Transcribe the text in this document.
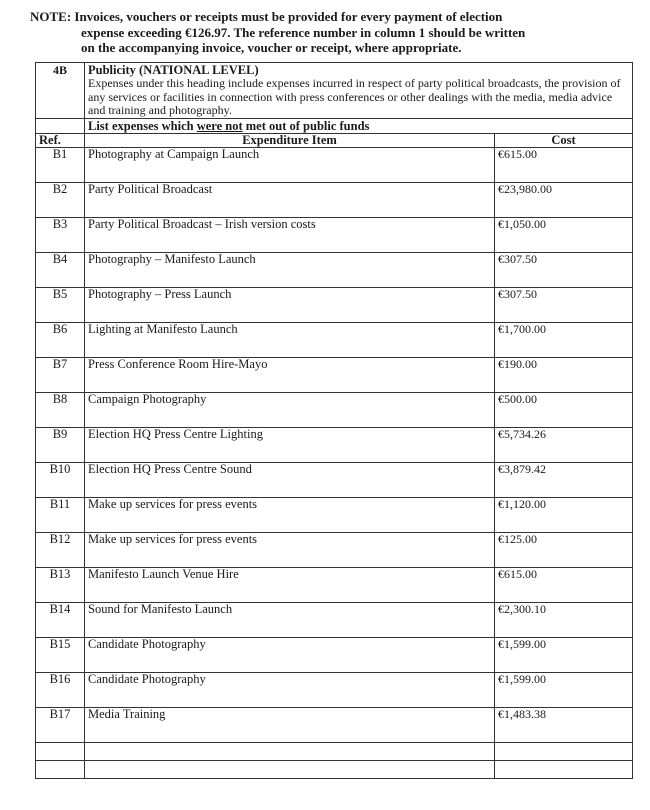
NOTE: Invoices, vouchers or receipts must be provided for every payment of election
expense exceeding €126.97. The reference number in column 1 should be written
on the accompanying invoice, voucher or receipt, where appropriate.
4B	Publicity (NATIONAL LEVEL)
Expenses under this heading include expenses incurred in respect of party political broadcasts, the provision of any services or facilities in connection with press conferences or other dealings with the media, media advice and training and photography.	

	List expenses which were not met out of public funds	
Ref.	Expenditure Item	Cost
B1	Photography at Campaign Launch	€615.00
B2	Party Political Broadcast	€23,980.00
B3	Party Political Broadcast – Irish version costs	€1,050.00
B4	Photography – Manifesto Launch	€307.50
B5	Photography – Press Launch	€307.50
B6	Lighting at Manifesto Launch	€1,700.00
B7	Press Conference Room Hire-Mayo	€190.00
B8	Campaign Photography	€500.00
B9	Election HQ Press Centre Lighting	€5,734.26
B10	Election HQ Press Centre Sound	€3,879.42
B11	Make up services for press events	€1,120.00
B12	Make up services for press events	€125.00
B13	Manifesto Launch Venue Hire	€615.00
B14	Sound for Manifesto Launch	€2,300.10
B15	Candidate Photography	€1,599.00
B16	Candidate Photography	€1,599.00
B17	Media Training	€1,483.38
